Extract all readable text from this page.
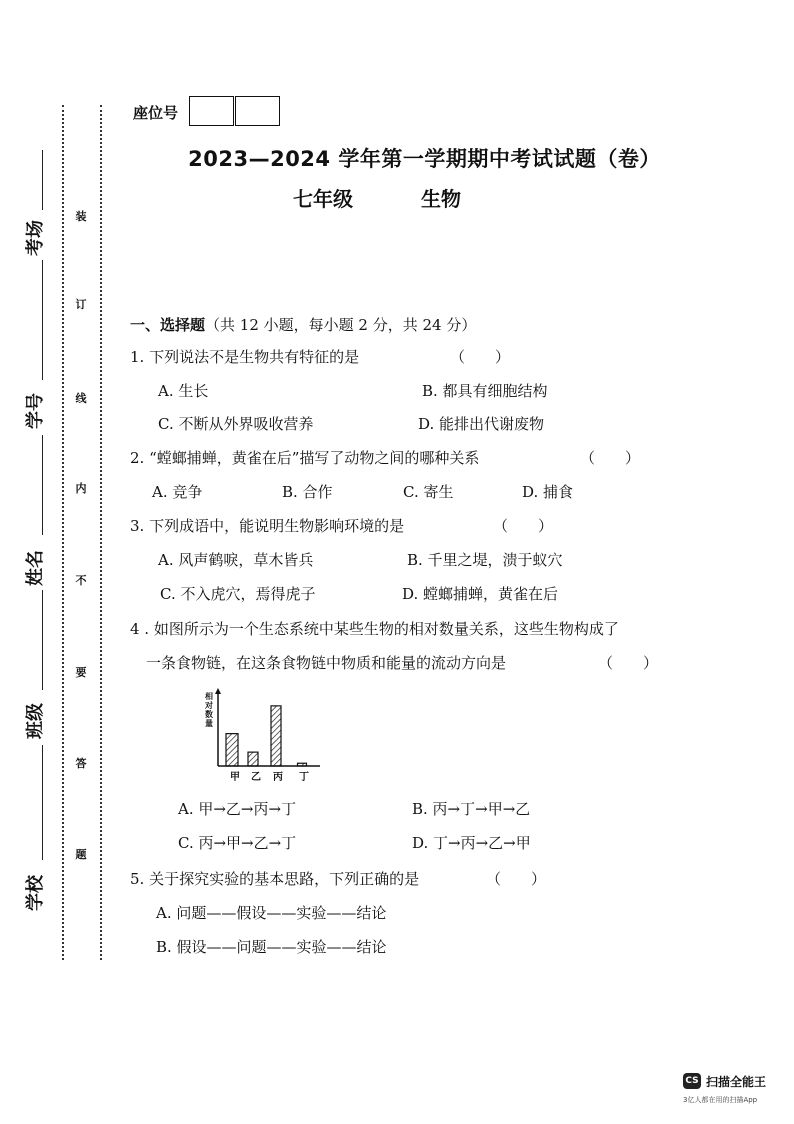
考场
学号
姓名
班级
学校
装
订
线
内
不
要
答
题
座位号
2023—2024 学年第一学期期中考试试题（卷）
七年级	生物
一、选择题（共 12 小题，每小题 2 分，共 24 分）
1. 下列说法不是生物共有特征的是	（　　）
A. 生长	B. 都具有细胞结构
C. 不断从外界吸收营养	D. 能排出代谢废物
2. “螳螂捕蝉，黄雀在后”描写了动物之间的哪种关系	（　　）
A. 竞争	B. 合作	C. 寄生	D. 捕食
3. 下列成语中，能说明生物影响环境的是	（　　）
A. 风声鹤唳，草木皆兵	B. 千里之堤，溃于蚁穴
C. 不入虎穴，焉得虎子	D. 螳螂捕蝉，黄雀在后
4 . 如图所示为一个生态系统中某些生物的相对数量关系，这些生物构成了
一条食物链，在这条食物链中物质和能量的流动方向是	（　　）
相对数量
甲 乙 丙 丁
A. 甲→乙→丙→丁	B. 丙→丁→甲→乙
C. 丙→甲→乙→丁	D. 丁→丙→乙→甲
5. 关于探究实验的基本思路，下列正确的是	（　　）
A. 问题——假设——实验——结论
B. 假设——问题——实验——结论
CS 扫描全能王
3亿人都在用的扫描App
